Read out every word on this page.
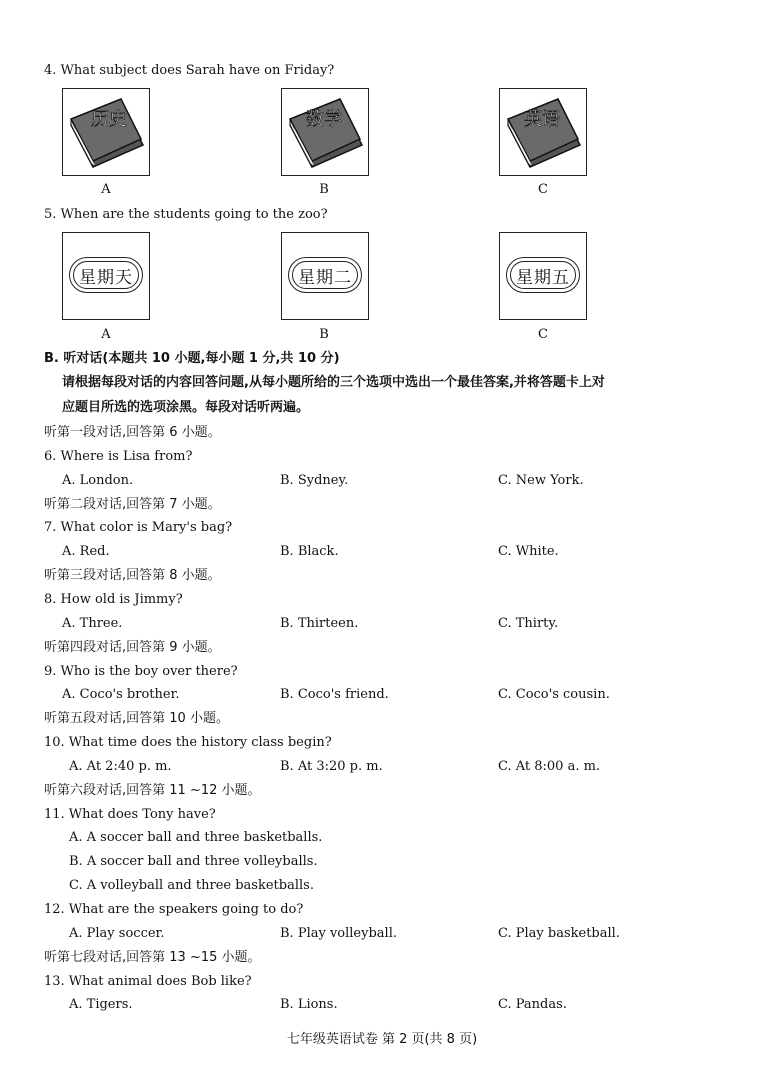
4. What subject does Sarah have on Friday?
历史	数学	英语
A	B	C
5. When are the students going to the zoo?
星期天	星期二	星期五
A	B	C
B. 听对话(本题共 10 小题,每小题 1 分,共 10 分)
请根据每段对话的内容回答问题,从每小题所给的三个选项中选出一个最佳答案,并将答题卡上对
应题目所选的选项涂黑。每段对话听两遍。
听第一段对话,回答第 6 小题。
6. Where is Lisa from?
A. London.	B. Sydney.	C. New York.
听第二段对话,回答第 7 小题。
7. What color is Mary's bag?
A. Red.	B. Black.	C. White.
听第三段对话,回答第 8 小题。
8. How old is Jimmy?
A. Three.	B. Thirteen.	C. Thirty.
听第四段对话,回答第 9 小题。
9. Who is the boy over there?
A. Coco's brother.	B. Coco's friend.	C. Coco's cousin.
听第五段对话,回答第 10 小题。
10. What time does the history class begin?
A. At 2:40 p. m.	B. At 3:20 p. m.	C. At 8:00 a. m.
听第六段对话,回答第 11 ~12 小题。
11. What does Tony have?
A. A soccer ball and three basketballs.
B. A soccer ball and three volleyballs.
C. A volleyball and three basketballs.
12. What are the speakers going to do?
A. Play soccer.	B. Play volleyball.	C. Play basketball.
听第七段对话,回答第 13 ~15 小题。
13. What animal does Bob like?
A. Tigers.	B. Lions.	C. Pandas.
七年级英语试卷 第 2 页(共 8 页)
